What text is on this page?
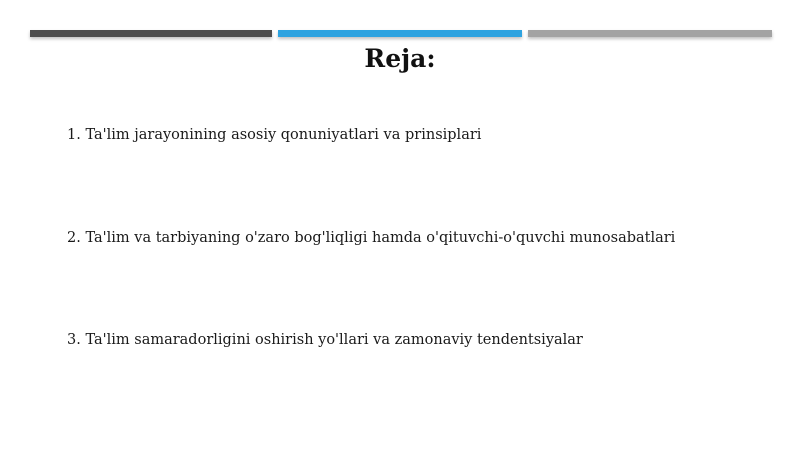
Reja:
1. Ta'lim jarayonining asosiy qonuniyatlari va prinsiplari
2. Ta'lim va tarbiyaning o'zaro bog'liqligi hamda o'qituvchi-o'quvchi munosabatlari
3. Ta'lim samaradorligini oshirish yo'llari va zamonaviy tendentsiyalar
